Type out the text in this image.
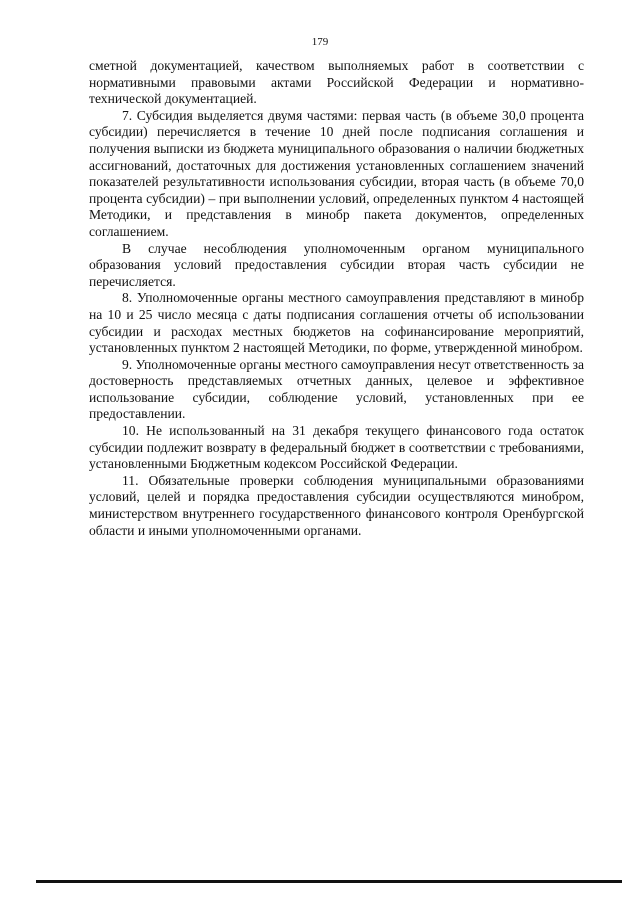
179

сметной документацией, качеством выполняемых работ в соответствии с нормативными правовыми актами Российской Федерации и нормативно-технической документацией.

7. Субсидия выделяется двумя частями: первая часть (в объеме 30,0 процента субсидии) перечисляется в течение 10 дней после подписания соглашения и получения выписки из бюджета муниципального образования о наличии бюджетных ассигнований, достаточных для достижения установленных соглашением значений показателей результативности использования субсидии, вторая часть (в объеме 70,0 процента субсидии) – при выполнении условий, определенных пунктом 4 настоящей Методики, и представления в минобр пакета документов, определенных соглашением.

В случае несоблюдения уполномоченным органом муниципального образования условий предоставления субсидии вторая часть субсидии не перечисляется.

8. Уполномоченные органы местного самоуправления представляют в минобр на 10 и 25 число месяца с даты подписания соглашения отчеты об использовании субсидии и расходах местных бюджетов на софинансирование мероприятий, установленных пунктом 2 настоящей Методики, по форме, утвержденной минобром.

9. Уполномоченные органы местного самоуправления несут ответственность за достоверность представляемых отчетных данных, целевое и эффективное использование субсидии, соблюдение условий, установленных при ее предоставлении.

10. Не использованный на 31 декабря текущего финансового года остаток субсидии подлежит возврату в федеральный бюджет в соответствии с требованиями, установленными Бюджетным кодексом Российской Федерации.

11. Обязательные проверки соблюдения муниципальными образованиями условий, целей и порядка предоставления субсидии осуществляются минобром, министерством внутреннего государственного финансового контроля Оренбургской области и иными уполномоченными органами.
